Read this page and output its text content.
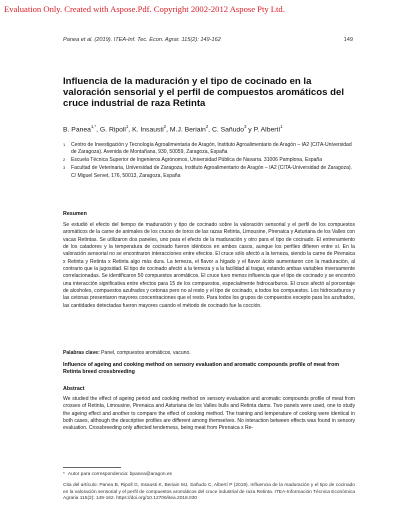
Evaluation Only. Created with Aspose.Pdf. Copyright 2002-2012 Aspose Pty Ltd.
Panea et al. (2019). ITEA-Inf. Tec. Econ. Agrar. 115(2): 149-162	149
Influencia de la maduración y el tipo de cocinado en la valoración sensorial y el perfil de compuestos aromáticos del cruce industrial de raza Retinta
B. Panea$^{1,*}$, G. Ripoll$^1$, K. Insausti$^2$, M.J. Beriain$^2$, C. Sañudo$^3$ y P. Albertí$^1$
1	Centro de Investigación y Tecnología Agroalimentaria de Aragón, Instituto Agroalimentario de Aragón – IA2 (CITA-Universidad de Zaragoza). Avenida de Montañana, 930, 50059, Zaragoza, España
2	Escuela Técnica Superior de Ingenieros Agrónomos, Universidad Pública de Navarra. 31006 Pamplona, España
3	Facultad de Veterinaria, Universidad de Zaragoza, Instituto Agroalimentario de Aragón – IA2 (CITA-Universidad de Zaragoza). C/ Miguel Servet, 176, 50013, Zaragoza, España
Resumen

Se estudió el efecto del tiempo de maduración y tipo de cocinado sobre la valoración sensorial y el perfil de los compuestos aromáticos de la carne de animales de los cruces de toros de las razas Retinta, Limousine, Pirenaica y Asturiana de los Valles con vacas Retintas. Se utilizaron dos paneles, uno para el efecto de la maduración y otro para el tipo de cocinado. El entrenamiento de los catadores y la temperatura de cocinado fueron idénticos en ambos casos, aunque los perfiles difieren entre sí. En la valoración sensorial no se encontraron interacciones entre efectos. El cruce sólo afectó a la terneza, siendo la carne de Pirenaica x Retinta y Retinta x Retinta algo más dura. La terneza, el flavor a hígado y el flavor ácido aumentaron con la maduración, al contrario que la jugosidad. El tipo de cocinado afectó a la terneza y a la facilidad al tragar, estando ambas variables inversamente correlacionadas. Se identificaron 50 compuestos aromáticos. El cruce tuvo menos influencia que el tipo de cocinado y se encontró una interacción significativa entre efectos para 15 de los compuestos, especialmente hidrocarburos. El cruce afectó al porcentaje de alcoholes, compuestos azufrados y cetonas pero no al resto y el tipo de cocinado, a todos los compuestos. Los hidrocarburos y las cetonas presentaron mayores concentraciones que el resto. Para todos los grupos de compuestos excepto para los azufrados, las cantidades detectadas fueron mayores cuando el método de cocinado fue la cocción.

Palabras clave: Panel, compuestos aromáticos, vacuno.
Influence of ageing and cooking method on sensory evaluation and aromatic compounds profile of meat from Retinta breed crossbreeding
Abstract

We studied the effect of ageing period and cooking method on sensory evaluation and aromatic compounds profile of meat from crosses of Retinta, Limousine, Pirenaica and Asturiana de los Valles bulls and Retinta dams. Two panels were used, one to study the ageing effect and another to compare the effect of cooking method. The training and temperature of cooking were identical in both cases, although the descriptive profiles are different among themselves. No interaction between effects was found in sensory evaluation. Crossbreeding only affected tenderness, being meat from Pirenaica x Re-

* Autor para correspondencia: bpanea@aragon.es
Cita del artículo: Panea B, Ripoll G, Insausti K, Beriain MJ, Sañudo C, Albertí P (2019). Influencia de la maduración y el tipo de cocinado en la valoración sensorial y el perfil de compuestos aromáticos del cruce industrial de raza Retinta. ITEA-Información Técnica Económica Agraria 115(2): 149-162. https://doi.org/10.12706/itea.2018.030
